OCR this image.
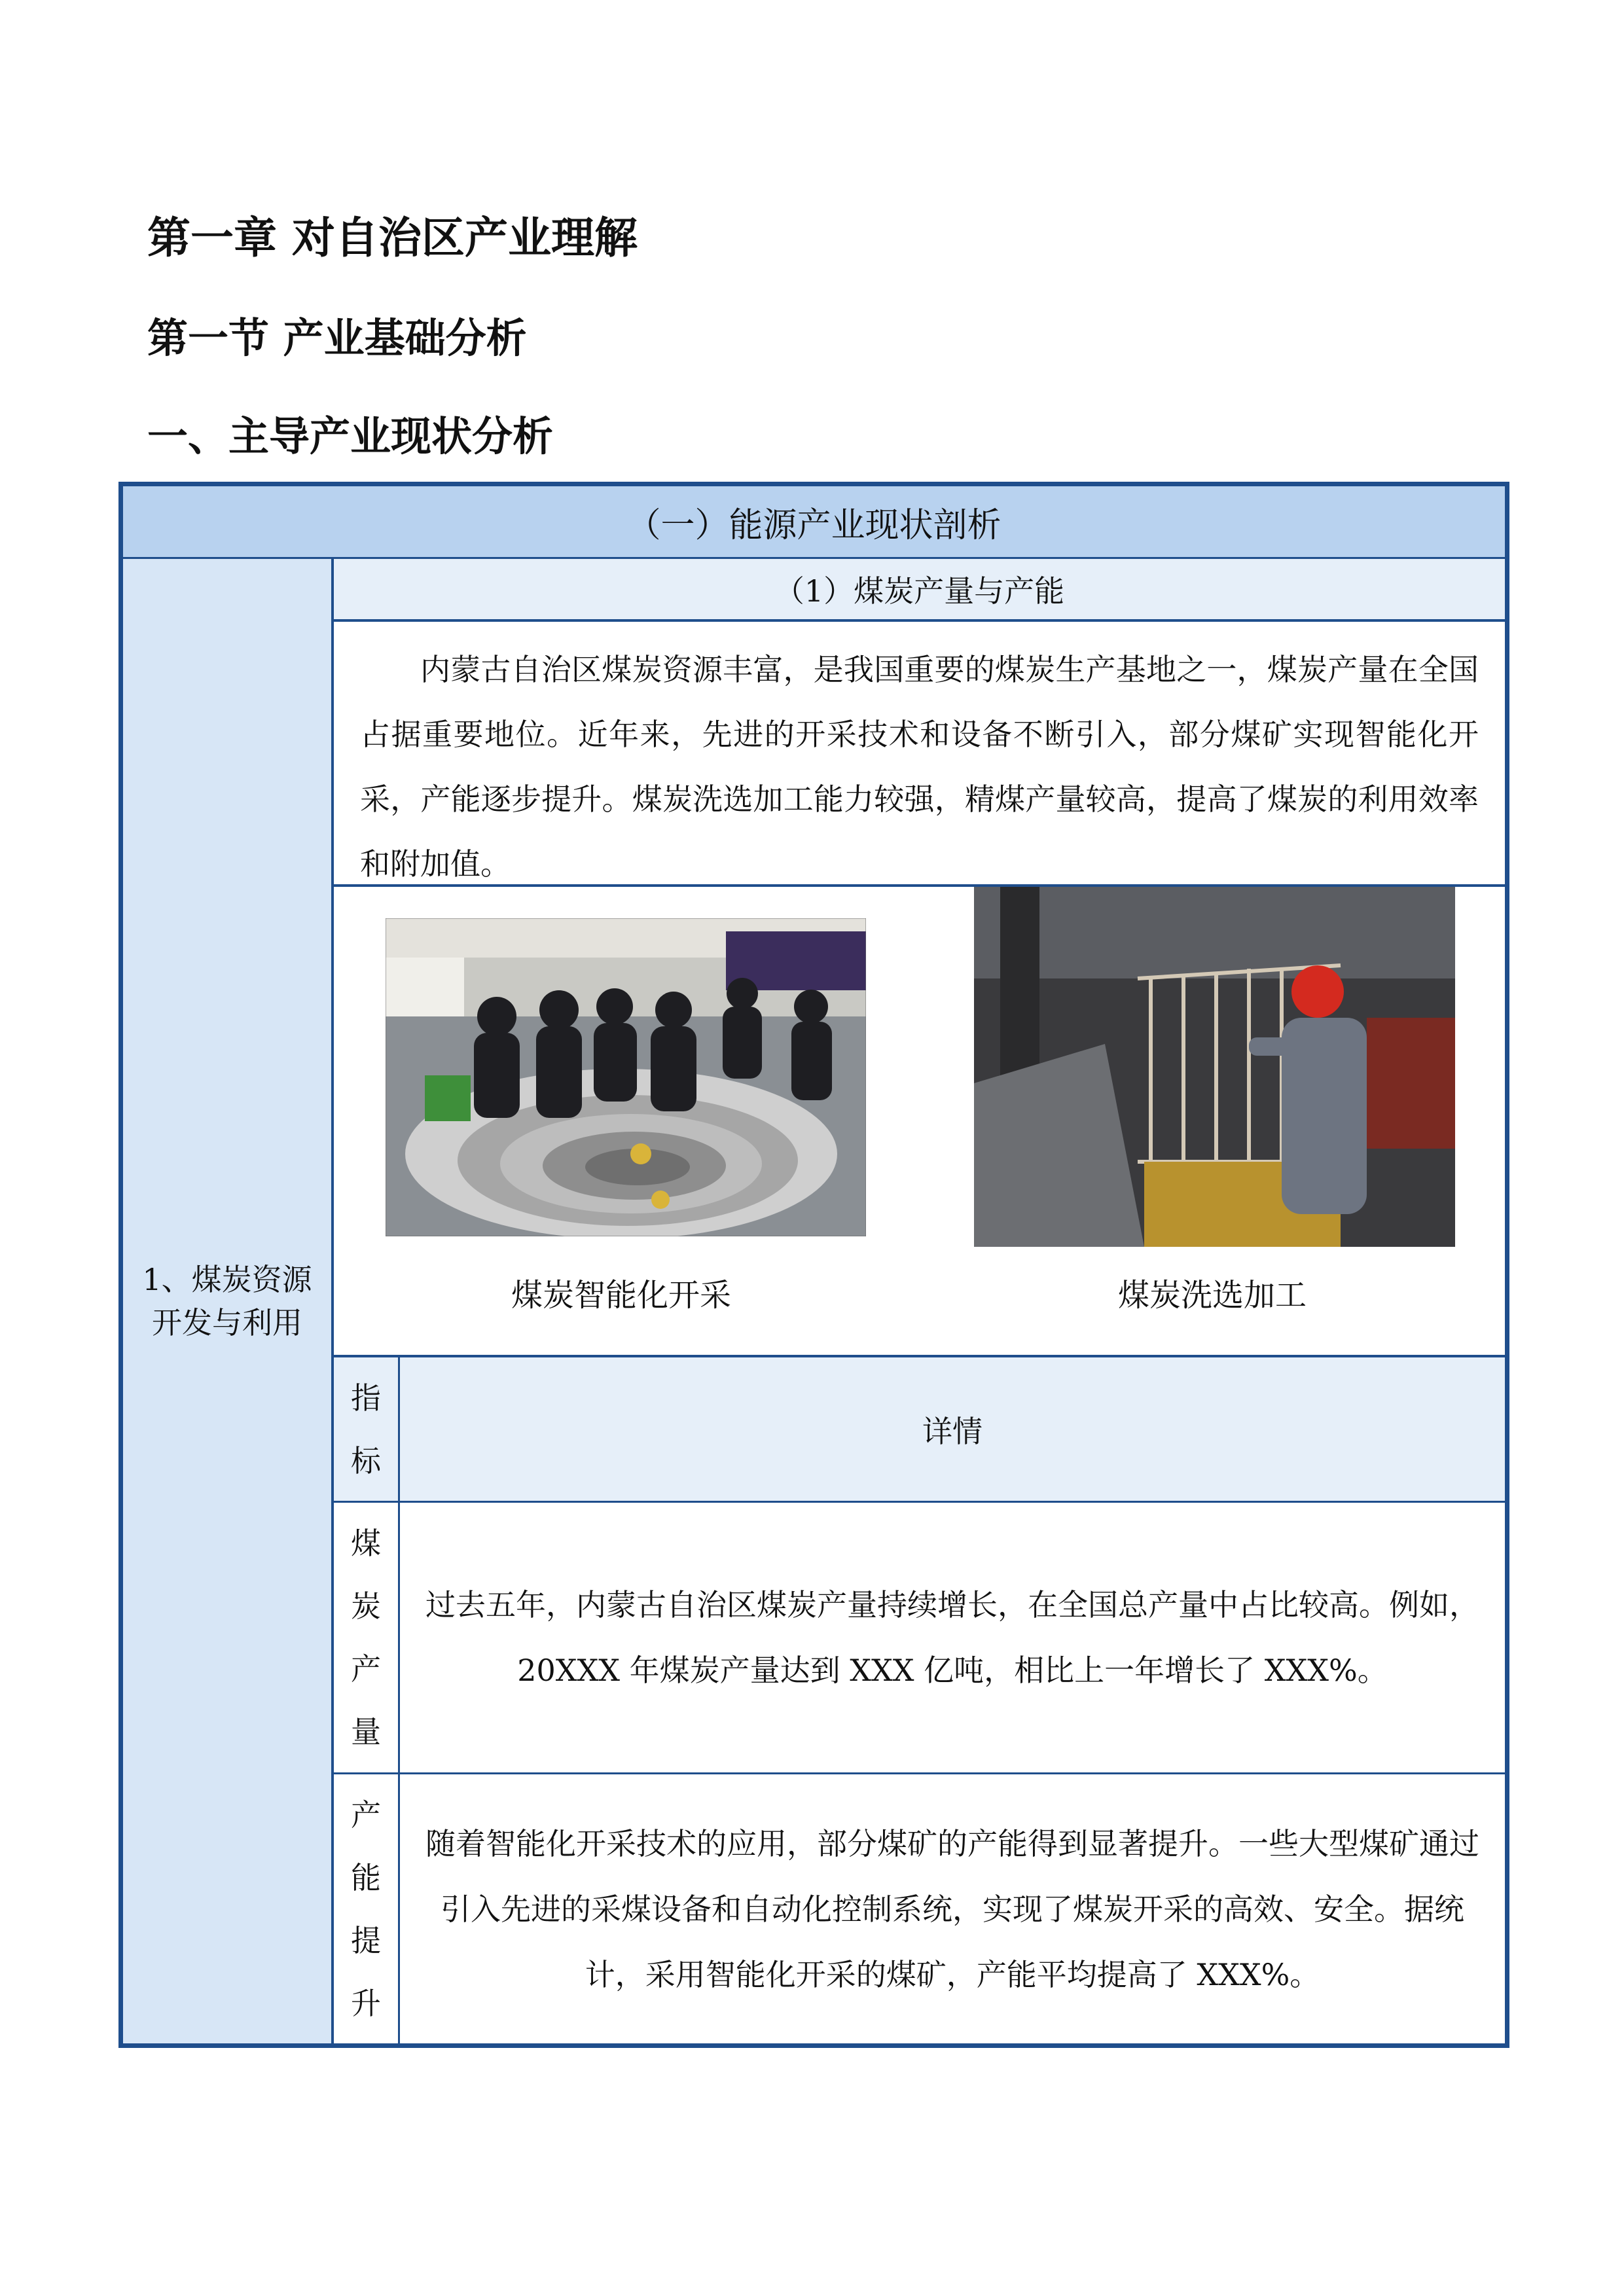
第一章 对自治区产业理解
第一节 产业基础分析
一、主导产业现状分析
（一）能源产业现状剖析
1、煤炭资源开发与利用
（1）煤炭产量与产能
内蒙古自治区煤炭资源丰富，是我国重要的煤炭生产基地之一，煤炭产量在全国占据重要地位。近年来，先进的开采技术和设备不断引入，部分煤矿实现智能化开采，产能逐步提升。煤炭洗选加工能力较强，精煤产量较高，提高了煤炭的利用效率和附加值。
煤炭智能化开采	煤炭洗选加工
指标
详情
煤炭产量
过去五年，内蒙古自治区煤炭产量持续增长，在全国总产量中占比较高。例如，20XXX 年煤炭产量达到 XXX 亿吨，相比上一年增长了 XXX%。
产能提升
随着智能化开采技术的应用，部分煤矿的产能得到显著提升。一些大型煤矿通过引入先进的采煤设备和自动化控制系统，实现了煤炭开采的高效、安全。据统计，采用智能化开采的煤矿，产能平均提高了 XXX%。
